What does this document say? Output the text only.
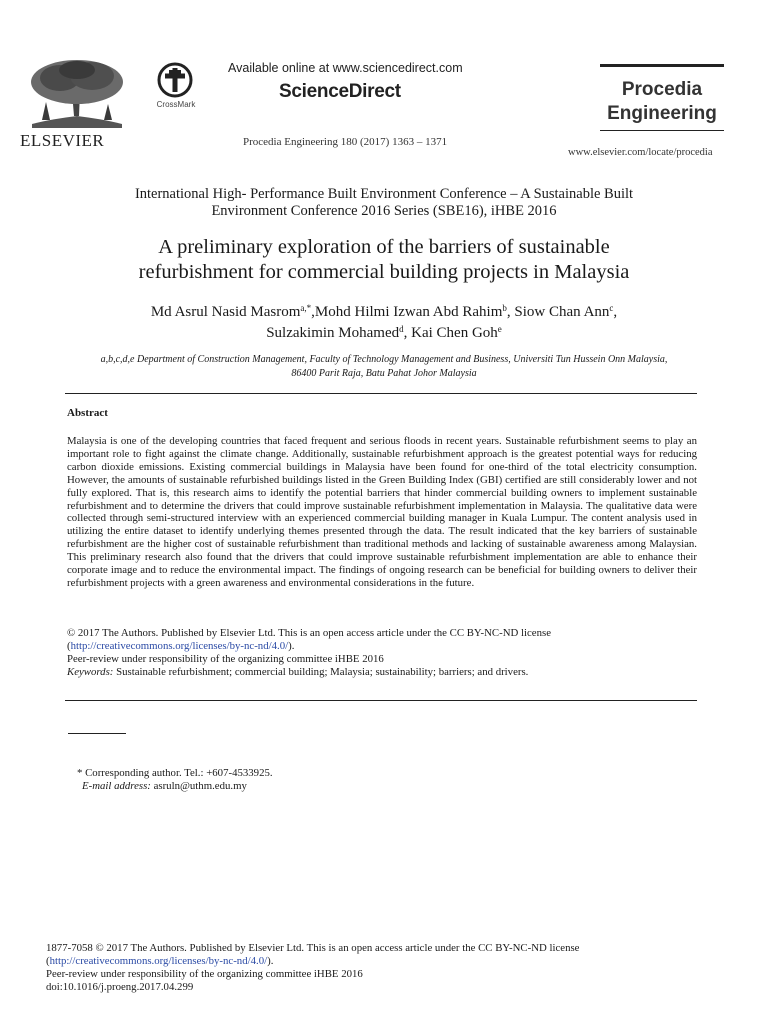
ELSEVIER
CrossMark
Available online at www.sciencedirect.com
ScienceDirect
Procedia Engineering 180 (2017) 1363 – 1371
Procedia
Engineering
www.elsevier.com/locate/procedia
International High- Performance Built Environment Conference – A Sustainable Built
Environment Conference 2016 Series (SBE16), iHBE 2016
A preliminary exploration of the barriers of sustainable
refurbishment for commercial building projects in Malaysia
Md Asrul Nasid Masrom$^{a,*}$,Mohd Hilmi Izwan Abd Rahim$^b$, Siow Chan Ann$^c$,
Sulzakimin Mohamed$^d$, Kai Chen Goh$^e$
a,b,c,d,e Department of Construction Management, Faculty of Technology Management and Business, Universiti Tun Hussein Onn Malaysia,
86400 Parit Raja, Batu Pahat Johor Malaysia
Abstract
Malaysia is one of the developing countries that faced frequent and serious floods in recent years. Sustainable refurbishment seems to play an important role to fight against the climate change. Additionally, sustainable refurbishment approach is the greatest potential ways for reducing carbon dioxide emissions. Existing commercial buildings in Malaysia have been found for one-third of the total electricity consumption. However, the amounts of sustainable refurbished buildings listed in the Green Building Index (GBI) certified are still considerably lower and not fully explored. That is, this research aims to identify the potential barriers that hinder commercial building owners to implement sustainable refurbishment and to determine the drivers that could improve sustainable refurbishment implementation in Malaysia. The qualitative data were collected through semi-structured interview with an experienced commercial building manager in Kuala Lumpur. The content analysis used in utilizing the entire dataset to identify underlying themes presented through the data. The result indicated that the key barriers of sustainable refurbishment are the higher cost of sustainable refurbishment than traditional methods and lacking of sustainable awareness among Malaysian. This preliminary research also found that the drivers that could improve sustainable refurbishment implementation are able to enhance their corporate image and to reduce the environmental impact. The findings of ongoing research can be beneficial for building owners to deliver their refurbishment projects with a green awareness and environmental considerations in the future.
© 2017 The Authors. Published by Elsevier Ltd. This is an open access article under the CC BY-NC-ND license
(http://creativecommons.org/licenses/by-nc-nd/4.0/).
Peer-review under responsibility of the organizing committee iHBE 2016
Keywords: Sustainable refurbishment; commercial building; Malaysia; sustainability; barriers; and drivers.
* Corresponding author. Tel.: +607-4533925.
E-mail address: asruln@uthm.edu.my
1877-7058 © 2017 The Authors. Published by Elsevier Ltd. This is an open access article under the CC BY-NC-ND license
(http://creativecommons.org/licenses/by-nc-nd/4.0/).
Peer-review under responsibility of the organizing committee iHBE 2016
doi:10.1016/j.proeng.2017.04.299
